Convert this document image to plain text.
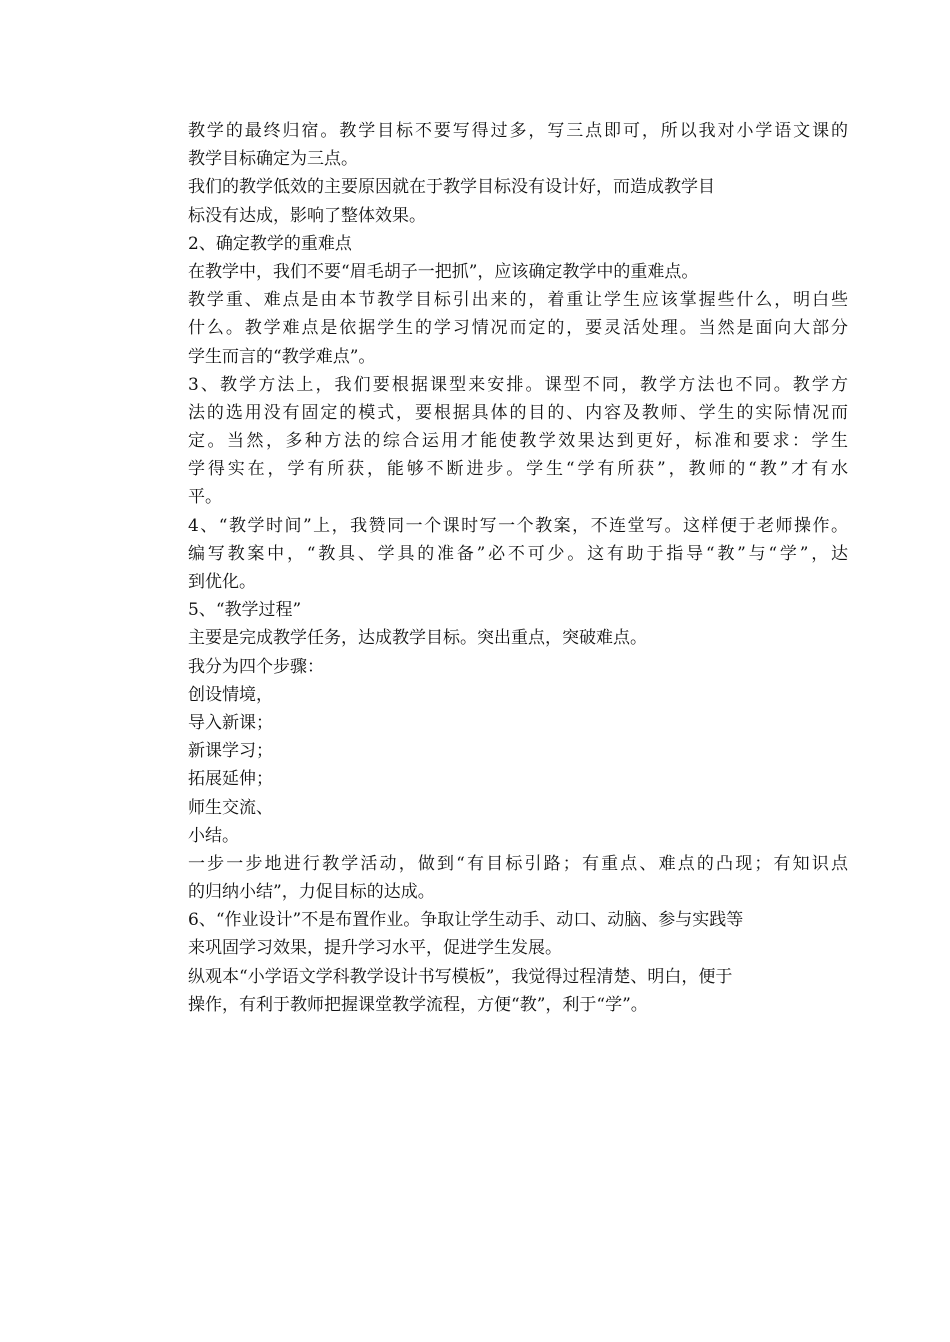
教学的最终归宿。教学目标不要写得过多，写三点即可，所以我对小学语文课的
教学目标确定为三点。
我们的教学低效的主要原因就在于教学目标没有设计好，而造成教学目
标没有达成，影响了整体效果。
2、确定教学的重难点
在教学中，我们不要“眉毛胡子一把抓”，应该确定教学中的重难点。
教学重、难点是由本节教学目标引出来的，着重让学生应该掌握些什么，明白些
什么。教学难点是依据学生的学习情况而定的，要灵活处理。当然是面向大部分
学生而言的“教学难点”。
3、教学方法上，我们要根据课型来安排。课型不同，教学方法也不同。教学方
法的选用没有固定的模式，要根据具体的目的、内容及教师、学生的实际情况而
定。当然，多种方法的综合运用才能使教学效果达到更好，标准和要求：学生
学得实在，学有所获，能够不断进步。学生“学有所获”，教师的“教”才有水
平。
4、“教学时间”上，我赞同一个课时写一个教案，不连堂写。这样便于老师操作。
编写教案中，“教具、学具的准备”必不可少。这有助于指导“教”与“学”，达
到优化。
5、“教学过程”
主要是完成教学任务，达成教学目标。突出重点，突破难点。
我分为四个步骤：
创设情境，
导入新课；
新课学习；
拓展延伸；
师生交流、
小结。
一步一步地进行教学活动，做到“有目标引路；有重点、难点的凸现；有知识点
的归纳小结”，力促目标的达成。
6、“作业设计”不是布置作业。争取让学生动手、动口、动脑、参与实践等
来巩固学习效果，提升学习水平，促进学生发展。
纵观本“小学语文学科教学设计书写模板”，我觉得过程清楚、明白，便于
操作，有利于教师把握课堂教学流程，方便“教”，利于“学”。
